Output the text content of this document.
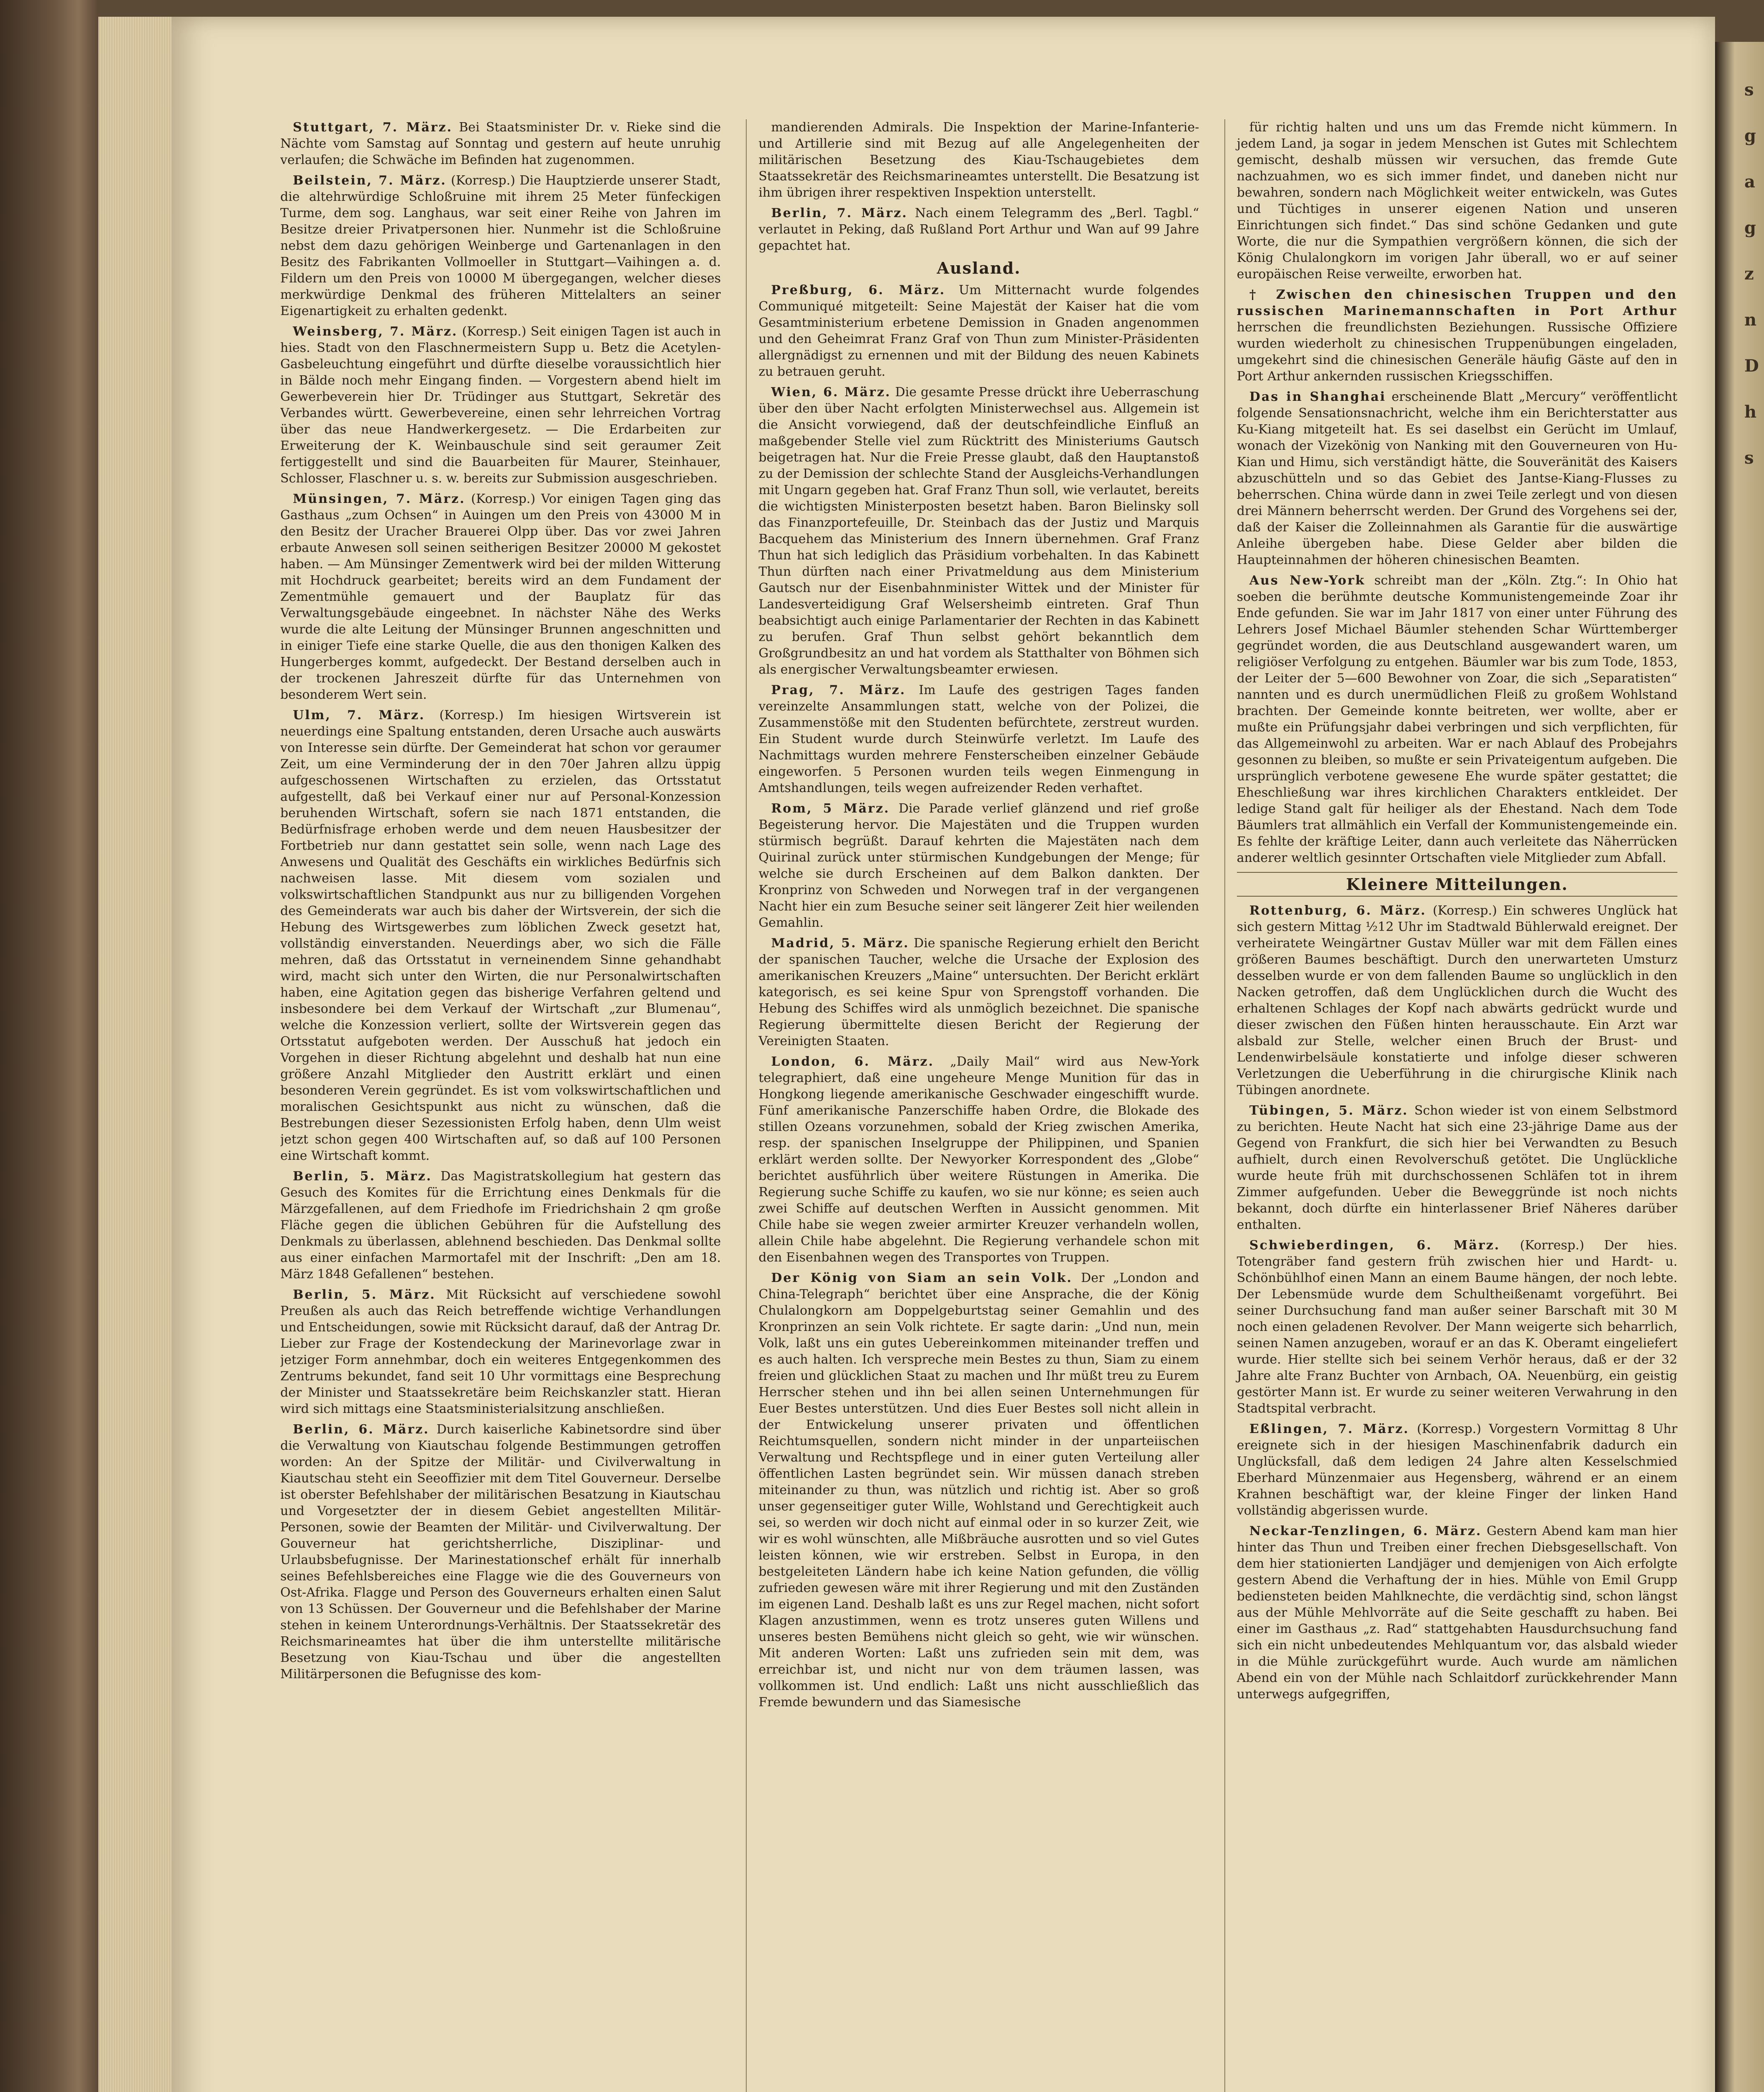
s
g
a
g
z
n
D
h
s

Stuttgart, 7. März. Bei Staatsminister Dr. v. Rieke sind die Nächte vom Samstag auf Sonntag und gestern auf heute unruhig verlaufen; die Schwäche im Befinden hat zugenommen.

Beilstein, 7. März. (Korresp.) Die Hauptzierde unserer Stadt, die altehrwürdige Schloßruine mit ihrem 25 Meter fünfeckigen Turme, dem sog. Langhaus, war seit einer Reihe von Jahren im Besitze dreier Privatpersonen hier. Nunmehr ist die Schloßruine nebst dem dazu gehörigen Weinberge und Gartenanlagen in den Besitz des Fabrikanten Vollmoeller in Stuttgart—Vaihingen a. d. Fildern um den Preis von 10000 M übergegangen, welcher dieses merkwürdige Denkmal des früheren Mittelalters an seiner Eigenartigkeit zu erhalten gedenkt.

Weinsberg, 7. März. (Korresp.) Seit einigen Tagen ist auch in hies. Stadt von den Flaschnermeistern Supp u. Betz die Acetylen-Gasbeleuchtung eingeführt und dürfte dieselbe voraussichtlich hier in Bälde noch mehr Eingang finden. — Vorgestern abend hielt im Gewerbeverein hier Dr. Trüdinger aus Stuttgart, Sekretär des Verbandes württ. Gewerbevereine, einen sehr lehrreichen Vortrag über das neue Handwerkergesetz. — Die Erdarbeiten zur Erweiterung der K. Weinbauschule sind seit geraumer Zeit fertiggestellt und sind die Bauarbeiten für Maurer, Steinhauer, Schlosser, Flaschner u. s. w. bereits zur Submission ausgeschrieben.

Münsingen, 7. März. (Korresp.) Vor einigen Tagen ging das Gasthaus „zum Ochsen“ in Auingen um den Preis von 43000 M in den Besitz der Uracher Brauerei Olpp über. Das vor zwei Jahren erbaute Anwesen soll seinen seitherigen Besitzer 20000 M gekostet haben. — Am Münsinger Zementwerk wird bei der milden Witterung mit Hochdruck gearbeitet; bereits wird an dem Fundament der Zementmühle gemauert und der Bauplatz für das Verwaltungsgebäude eingeebnet. In nächster Nähe des Werks wurde die alte Leitung der Münsinger Brunnen angeschnitten und in einiger Tiefe eine starke Quelle, die aus den thonigen Kalken des Hungerberges kommt, aufgedeckt. Der Bestand derselben auch in der trockenen Jahreszeit dürfte für das Unternehmen von besonderem Wert sein.

Ulm, 7. März. (Korresp.) Im hiesigen Wirtsverein ist neuerdings eine Spaltung entstanden, deren Ursache auch auswärts von Interesse sein dürfte. Der Gemeinderat hat schon vor geraumer Zeit, um eine Verminderung der in den 70er Jahren allzu üppig aufgeschossenen Wirtschaften zu erzielen, das Ortsstatut aufgestellt, daß bei Verkauf einer nur auf Personal-Konzession beruhenden Wirtschaft, sofern sie nach 1871 entstanden, die Bedürfnisfrage erhoben werde und dem neuen Hausbesitzer der Fortbetrieb nur dann gestattet sein solle, wenn nach Lage des Anwesens und Qualität des Geschäfts ein wirkliches Bedürfnis sich nachweisen lasse. Mit diesem vom sozialen und volkswirtschaftlichen Standpunkt aus nur zu billigenden Vorgehen des Gemeinderats war auch bis daher der Wirtsverein, der sich die Hebung des Wirtsgewerbes zum löblichen Zweck gesetzt hat, vollständig einverstanden. Neuerdings aber, wo sich die Fälle mehren, daß das Ortsstatut in verneinendem Sinne gehandhabt wird, macht sich unter den Wirten, die nur Personalwirtschaften haben, eine Agitation gegen das bisherige Verfahren geltend und insbesondere bei dem Verkauf der Wirtschaft „zur Blumenau“, welche die Konzession verliert, sollte der Wirtsverein gegen das Ortsstatut aufgeboten werden. Der Ausschuß hat jedoch ein Vorgehen in dieser Richtung abgelehnt und deshalb hat nun eine größere Anzahl Mitglieder den Austritt erklärt und einen besonderen Verein gegründet. Es ist vom volkswirtschaftlichen und moralischen Gesichtspunkt aus nicht zu wünschen, daß die Bestrebungen dieser Sezessionisten Erfolg haben, denn Ulm weist jetzt schon gegen 400 Wirtschaften auf, so daß auf 100 Personen eine Wirtschaft kommt.

Berlin, 5. März. Das Magistratskollegium hat gestern das Gesuch des Komites für die Errichtung eines Denkmals für die Märzgefallenen, auf dem Friedhofe im Friedrichshain 2 qm große Fläche gegen die üblichen Gebühren für die Aufstellung des Denkmals zu überlassen, ablehnend beschieden. Das Denkmal sollte aus einer einfachen Marmortafel mit der Inschrift: „Den am 18. März 1848 Gefallenen“ bestehen.

Berlin, 5. März. Mit Rücksicht auf verschiedene sowohl Preußen als auch das Reich betreffende wichtige Verhandlungen und Entscheidungen, sowie mit Rücksicht darauf, daß der Antrag Dr. Lieber zur Frage der Kostendeckung der Marinevorlage zwar in jetziger Form annehmbar, doch ein weiteres Entgegenkommen des Zentrums bekundet, fand seit 10 Uhr vormittags eine Besprechung der Minister und Staatssekretäre beim Reichskanzler statt. Hieran wird sich mittags eine Staatsministerialsitzung anschließen.

Berlin, 6. März. Durch kaiserliche Kabinetsordre sind über die Verwaltung von Kiautschau folgende Bestimmungen getroffen worden: An der Spitze der Militär- und Civilverwaltung in Kiautschau steht ein Seeoffizier mit dem Titel Gouverneur. Derselbe ist oberster Befehlshaber der militärischen Besatzung in Kiautschau und Vorgesetzter der in diesem Gebiet angestellten Militär-Personen, sowie der Beamten der Militär- und Civilverwaltung. Der Gouverneur hat gerichtsherrliche, Disziplinar- und Urlaubsbefugnisse. Der Marinestationschef erhält für innerhalb seines Befehlsbereiches eine Flagge wie die des Gouverneurs von Ost-Afrika. Flagge und Person des Gouverneurs erhalten einen Salut von 13 Schüssen. Der Gouverneur und die Befehlshaber der Marine stehen in keinem Unterordnungs-Verhältnis. Der Staatssekretär des Reichsmarineamtes hat über die ihm unterstellte militärische Besetzung von Kiau-Tschau und über die angestellten Militärpersonen die Befugnisse des kom-

mandierenden Admirals. Die Inspektion der Marine-Infanterie- und Artillerie sind mit Bezug auf alle Angelegenheiten der militärischen Besetzung des Kiau-Tschaugebietes dem Staatssekretär des Reichsmarineamtes unterstellt. Die Besatzung ist ihm übrigen ihrer respektiven Inspektion unterstellt.

Berlin, 7. März. Nach einem Telegramm des „Berl. Tagbl.“ verlautet in Peking, daß Rußland Port Arthur und Wan auf 99 Jahre gepachtet hat.

Ausland.

Preßburg, 6. März. Um Mitternacht wurde folgendes Communiqué mitgeteilt: Seine Majestät der Kaiser hat die vom Gesamtministerium erbetene Demission in Gnaden angenommen und den Geheimrat Franz Graf von Thun zum Minister-Präsidenten allergnädigst zu ernennen und mit der Bildung des neuen Kabinets zu betrauen geruht.

Wien, 6. März. Die gesamte Presse drückt ihre Ueberraschung über den über Nacht erfolgten Ministerwechsel aus. Allgemein ist die Ansicht vorwiegend, daß der deutschfeindliche Einfluß an maßgebender Stelle viel zum Rücktritt des Ministeriums Gautsch beigetragen hat. Nur die Freie Presse glaubt, daß den Hauptanstoß zu der Demission der schlechte Stand der Ausgleichs-Verhandlungen mit Ungarn gegeben hat. Graf Franz Thun soll, wie verlautet, bereits die wichtigsten Ministerposten besetzt haben. Baron Bielinsky soll das Finanzportefeuille, Dr. Steinbach das der Justiz und Marquis Bacquehem das Ministerium des Innern übernehmen. Graf Franz Thun hat sich lediglich das Präsidium vorbehalten. In das Kabinett Thun dürften nach einer Privatmeldung aus dem Ministerium Gautsch nur der Eisenbahnminister Wittek und der Minister für Landesverteidigung Graf Welsersheimb eintreten. Graf Thun beabsichtigt auch einige Parlamentarier der Rechten in das Kabinett zu berufen. Graf Thun selbst gehört bekanntlich dem Großgrundbesitz an und hat vordem als Statthalter von Böhmen sich als energischer Verwaltungsbeamter erwiesen.

Prag, 7. März. Im Laufe des gestrigen Tages fanden vereinzelte Ansammlungen statt, welche von der Polizei, die Zusammenstöße mit den Studenten befürchtete, zerstreut wurden. Ein Student wurde durch Steinwürfe verletzt. Im Laufe des Nachmittags wurden mehrere Fensterscheiben einzelner Gebäude eingeworfen. 5 Personen wurden teils wegen Einmengung in Amtshandlungen, teils wegen aufreizender Reden verhaftet.

Rom, 5 März. Die Parade verlief glänzend und rief große Begeisterung hervor. Die Majestäten und die Truppen wurden stürmisch begrüßt. Darauf kehrten die Majestäten nach dem Quirinal zurück unter stürmischen Kundgebungen der Menge; für welche sie durch Erscheinen auf dem Balkon dankten. Der Kronprinz von Schweden und Norwegen traf in der vergangenen Nacht hier ein zum Besuche seiner seit längerer Zeit hier weilenden Gemahlin.

Madrid, 5. März. Die spanische Regierung erhielt den Bericht der spanischen Taucher, welche die Ursache der Explosion des amerikanischen Kreuzers „Maine“ untersuchten. Der Bericht erklärt kategorisch, es sei keine Spur von Sprengstoff vorhanden. Die Hebung des Schiffes wird als unmöglich bezeichnet. Die spanische Regierung übermittelte diesen Bericht der Regierung der Vereinigten Staaten.

London, 6. März. „Daily Mail“ wird aus New-York telegraphiert, daß eine ungeheure Menge Munition für das in Hongkong liegende amerikanische Geschwader eingeschifft wurde. Fünf amerikanische Panzerschiffe haben Ordre, die Blokade des stillen Ozeans vorzunehmen, sobald der Krieg zwischen Amerika, resp. der spanischen Inselgruppe der Philippinen, und Spanien erklärt werden sollte. Der Newyorker Korrespondent des „Globe“ berichtet ausführlich über weitere Rüstungen in Amerika. Die Regierung suche Schiffe zu kaufen, wo sie nur könne; es seien auch zwei Schiffe auf deutschen Werften in Aussicht genommen. Mit Chile habe sie wegen zweier armirter Kreuzer verhandeln wollen, allein Chile habe abgelehnt. Die Regierung verhandele schon mit den Eisenbahnen wegen des Transportes von Truppen.

Der König von Siam an sein Volk. Der „London and China-Telegraph“ berichtet über eine Ansprache, die der König Chulalongkorn am Doppelgeburtstag seiner Gemahlin und des Kronprinzen an sein Volk richtete. Er sagte darin: „Und nun, mein Volk, laßt uns ein gutes Uebereinkommen miteinander treffen und es auch halten. Ich verspreche mein Bestes zu thun, Siam zu einem freien und glücklichen Staat zu machen und Ihr müßt treu zu Eurem Herrscher stehen und ihn bei allen seinen Unternehmungen für Euer Bestes unterstützen. Und dies Euer Bestes soll nicht allein in der Entwickelung unserer privaten und öffentlichen Reichtumsquellen, sondern nicht minder in der unparteiischen Verwaltung und Rechtspflege und in einer guten Verteilung aller öffentlichen Lasten begründet sein. Wir müssen danach streben miteinander zu thun, was nützlich und richtig ist. Aber so groß unser gegenseitiger guter Wille, Wohlstand und Gerechtigkeit auch sei, so werden wir doch nicht auf einmal oder in so kurzer Zeit, wie wir es wohl wünschten, alle Mißbräuche ausrotten und so viel Gutes leisten können, wie wir erstreben. Selbst in Europa, in den bestgeleiteten Ländern habe ich keine Nation gefunden, die völlig zufrieden gewesen wäre mit ihrer Regierung und mit den Zuständen im eigenen Land. Deshalb laßt es uns zur Regel machen, nicht sofort Klagen anzustimmen, wenn es trotz unseres guten Willens und unseres besten Bemühens nicht gleich so geht, wie wir wünschen. Mit anderen Worten: Laßt uns zufrieden sein mit dem, was erreichbar ist, und nicht nur von dem träumen lassen, was vollkommen ist. Und endlich: Laßt uns nicht ausschließlich das Fremde bewundern und das Siamesische

für richtig halten und uns um das Fremde nicht kümmern. In jedem Land, ja sogar in jedem Menschen ist Gutes mit Schlechtem gemischt, deshalb müssen wir versuchen, das fremde Gute nachzuahmen, wo es sich immer findet, und daneben nicht nur bewahren, sondern nach Möglichkeit weiter entwickeln, was Gutes und Tüchtiges in unserer eigenen Nation und unseren Einrichtungen sich findet.“ Das sind schöne Gedanken und gute Worte, die nur die Sympathien vergrößern können, die sich der König Chulalongkorn im vorigen Jahr überall, wo er auf seiner europäischen Reise verweilte, erworben hat.

† Zwischen den chinesischen Truppen und den russischen Marinemannschaften in Port Arthur herrschen die freundlichsten Beziehungen. Russische Offiziere wurden wiederholt zu chinesischen Truppenübungen eingeladen, umgekehrt sind die chinesischen Generäle häufig Gäste auf den in Port Arthur ankernden russischen Kriegsschiffen.

Das in Shanghai erscheinende Blatt „Mercury“ veröffentlicht folgende Sensationsnachricht, welche ihm ein Berichterstatter aus Ku-Kiang mitgeteilt hat. Es sei daselbst ein Gerücht im Umlauf, wonach der Vizekönig von Nanking mit den Gouverneuren von Hu-Kian und Himu, sich verständigt hätte, die Souveränität des Kaisers abzuschütteln und so das Gebiet des Jantse-Kiang-Flusses zu beherrschen. China würde dann in zwei Teile zerlegt und von diesen drei Männern beherrscht werden. Der Grund des Vorgehens sei der, daß der Kaiser die Zolleinnahmen als Garantie für die auswärtige Anleihe übergeben habe. Diese Gelder aber bilden die Haupteinnahmen der höheren chinesischen Beamten.

Aus New-York schreibt man der „Köln. Ztg.“: In Ohio hat soeben die berühmte deutsche Kommunistengemeinde Zoar ihr Ende gefunden. Sie war im Jahr 1817 von einer unter Führung des Lehrers Josef Michael Bäumler stehenden Schar Württemberger gegründet worden, die aus Deutschland ausgewandert waren, um religiöser Verfolgung zu entgehen. Bäumler war bis zum Tode, 1853, der Leiter der 5—600 Bewohner von Zoar, die sich „Separatisten“ nannten und es durch unermüdlichen Fleiß zu großem Wohlstand brachten. Der Gemeinde konnte beitreten, wer wollte, aber er mußte ein Prüfungsjahr dabei verbringen und sich verpflichten, für das Allgemeinwohl zu arbeiten. War er nach Ablauf des Probejahrs gesonnen zu bleiben, so mußte er sein Privateigentum aufgeben. Die ursprünglich verbotene gewesene Ehe wurde später gestattet; die Eheschließung war ihres kirchlichen Charakters entkleidet. Der ledige Stand galt für heiliger als der Ehestand. Nach dem Tode Bäumlers trat allmählich ein Verfall der Kommunistengemeinde ein. Es fehlte der kräftige Leiter, dann auch verleitete das Näherrücken anderer weltlich gesinnter Ortschaften viele Mitglieder zum Abfall.

Kleinere Mitteilungen.

Rottenburg, 6. März. (Korresp.) Ein schweres Unglück hat sich gestern Mittag ½12 Uhr im Stadtwald Bühlerwald ereignet. Der verheiratete Weingärtner Gustav Müller war mit dem Fällen eines größeren Baumes beschäftigt. Durch den unerwarteten Umsturz desselben wurde er von dem fallenden Baume so unglücklich in den Nacken getroffen, daß dem Unglücklichen durch die Wucht des erhaltenen Schlages der Kopf nach abwärts gedrückt wurde und dieser zwischen den Füßen hinten herausschaute. Ein Arzt war alsbald zur Stelle, welcher einen Bruch der Brust- und Lendenwirbelsäule konstatierte und infolge dieser schweren Verletzungen die Ueberführung in die chirurgische Klinik nach Tübingen anordnete.

Tübingen, 5. März. Schon wieder ist von einem Selbstmord zu berichten. Heute Nacht hat sich eine 23-jährige Dame aus der Gegend von Frankfurt, die sich hier bei Verwandten zu Besuch aufhielt, durch einen Revolverschuß getötet. Die Unglückliche wurde heute früh mit durchschossenen Schläfen tot in ihrem Zimmer aufgefunden. Ueber die Beweggründe ist noch nichts bekannt, doch dürfte ein hinterlassener Brief Näheres darüber enthalten.

Schwieberdingen, 6. März. (Korresp.) Der hies. Totengräber fand gestern früh zwischen hier und Hardt- u. Schönbühlhof einen Mann an einem Baume hängen, der noch lebte. Der Lebensmüde wurde dem Schultheißenamt vorgeführt. Bei seiner Durchsuchung fand man außer seiner Barschaft mit 30 M noch einen geladenen Revolver. Der Mann weigerte sich beharrlich, seinen Namen anzugeben, worauf er an das K. Oberamt eingeliefert wurde. Hier stellte sich bei seinem Verhör heraus, daß er der 32 Jahre alte Franz Buchter von Arnbach, OA. Neuenbürg, ein geistig gestörter Mann ist. Er wurde zu seiner weiteren Verwahrung in den Stadtspital verbracht.

Eßlingen, 7. März. (Korresp.) Vorgestern Vormittag 8 Uhr ereignete sich in der hiesigen Maschinenfabrik dadurch ein Unglücksfall, daß dem ledigen 24 Jahre alten Kesselschmied Eberhard Münzenmaier aus Hegensberg, während er an einem Krahnen beschäftigt war, der kleine Finger der linken Hand vollständig abgerissen wurde.

Neckar-Tenzlingen, 6. März. Gestern Abend kam man hier hinter das Thun und Treiben einer frechen Diebsgesellschaft. Von dem hier stationierten Landjäger und demjenigen von Aich erfolgte gestern Abend die Verhaftung der in hies. Mühle von Emil Grupp bediensteten beiden Mahlknechte, die verdächtig sind, schon längst aus der Mühle Mehlvorräte auf die Seite geschafft zu haben. Bei einer im Gasthaus „z. Rad“ stattgehabten Hausdurchsuchung fand sich ein nicht unbedeutendes Mehlquantum vor, das alsbald wieder in die Mühle zurückgeführt wurde. Auch wurde am nämlichen Abend ein von der Mühle nach Schlaitdorf zurückkehrender Mann unterwegs aufgegriffen,
